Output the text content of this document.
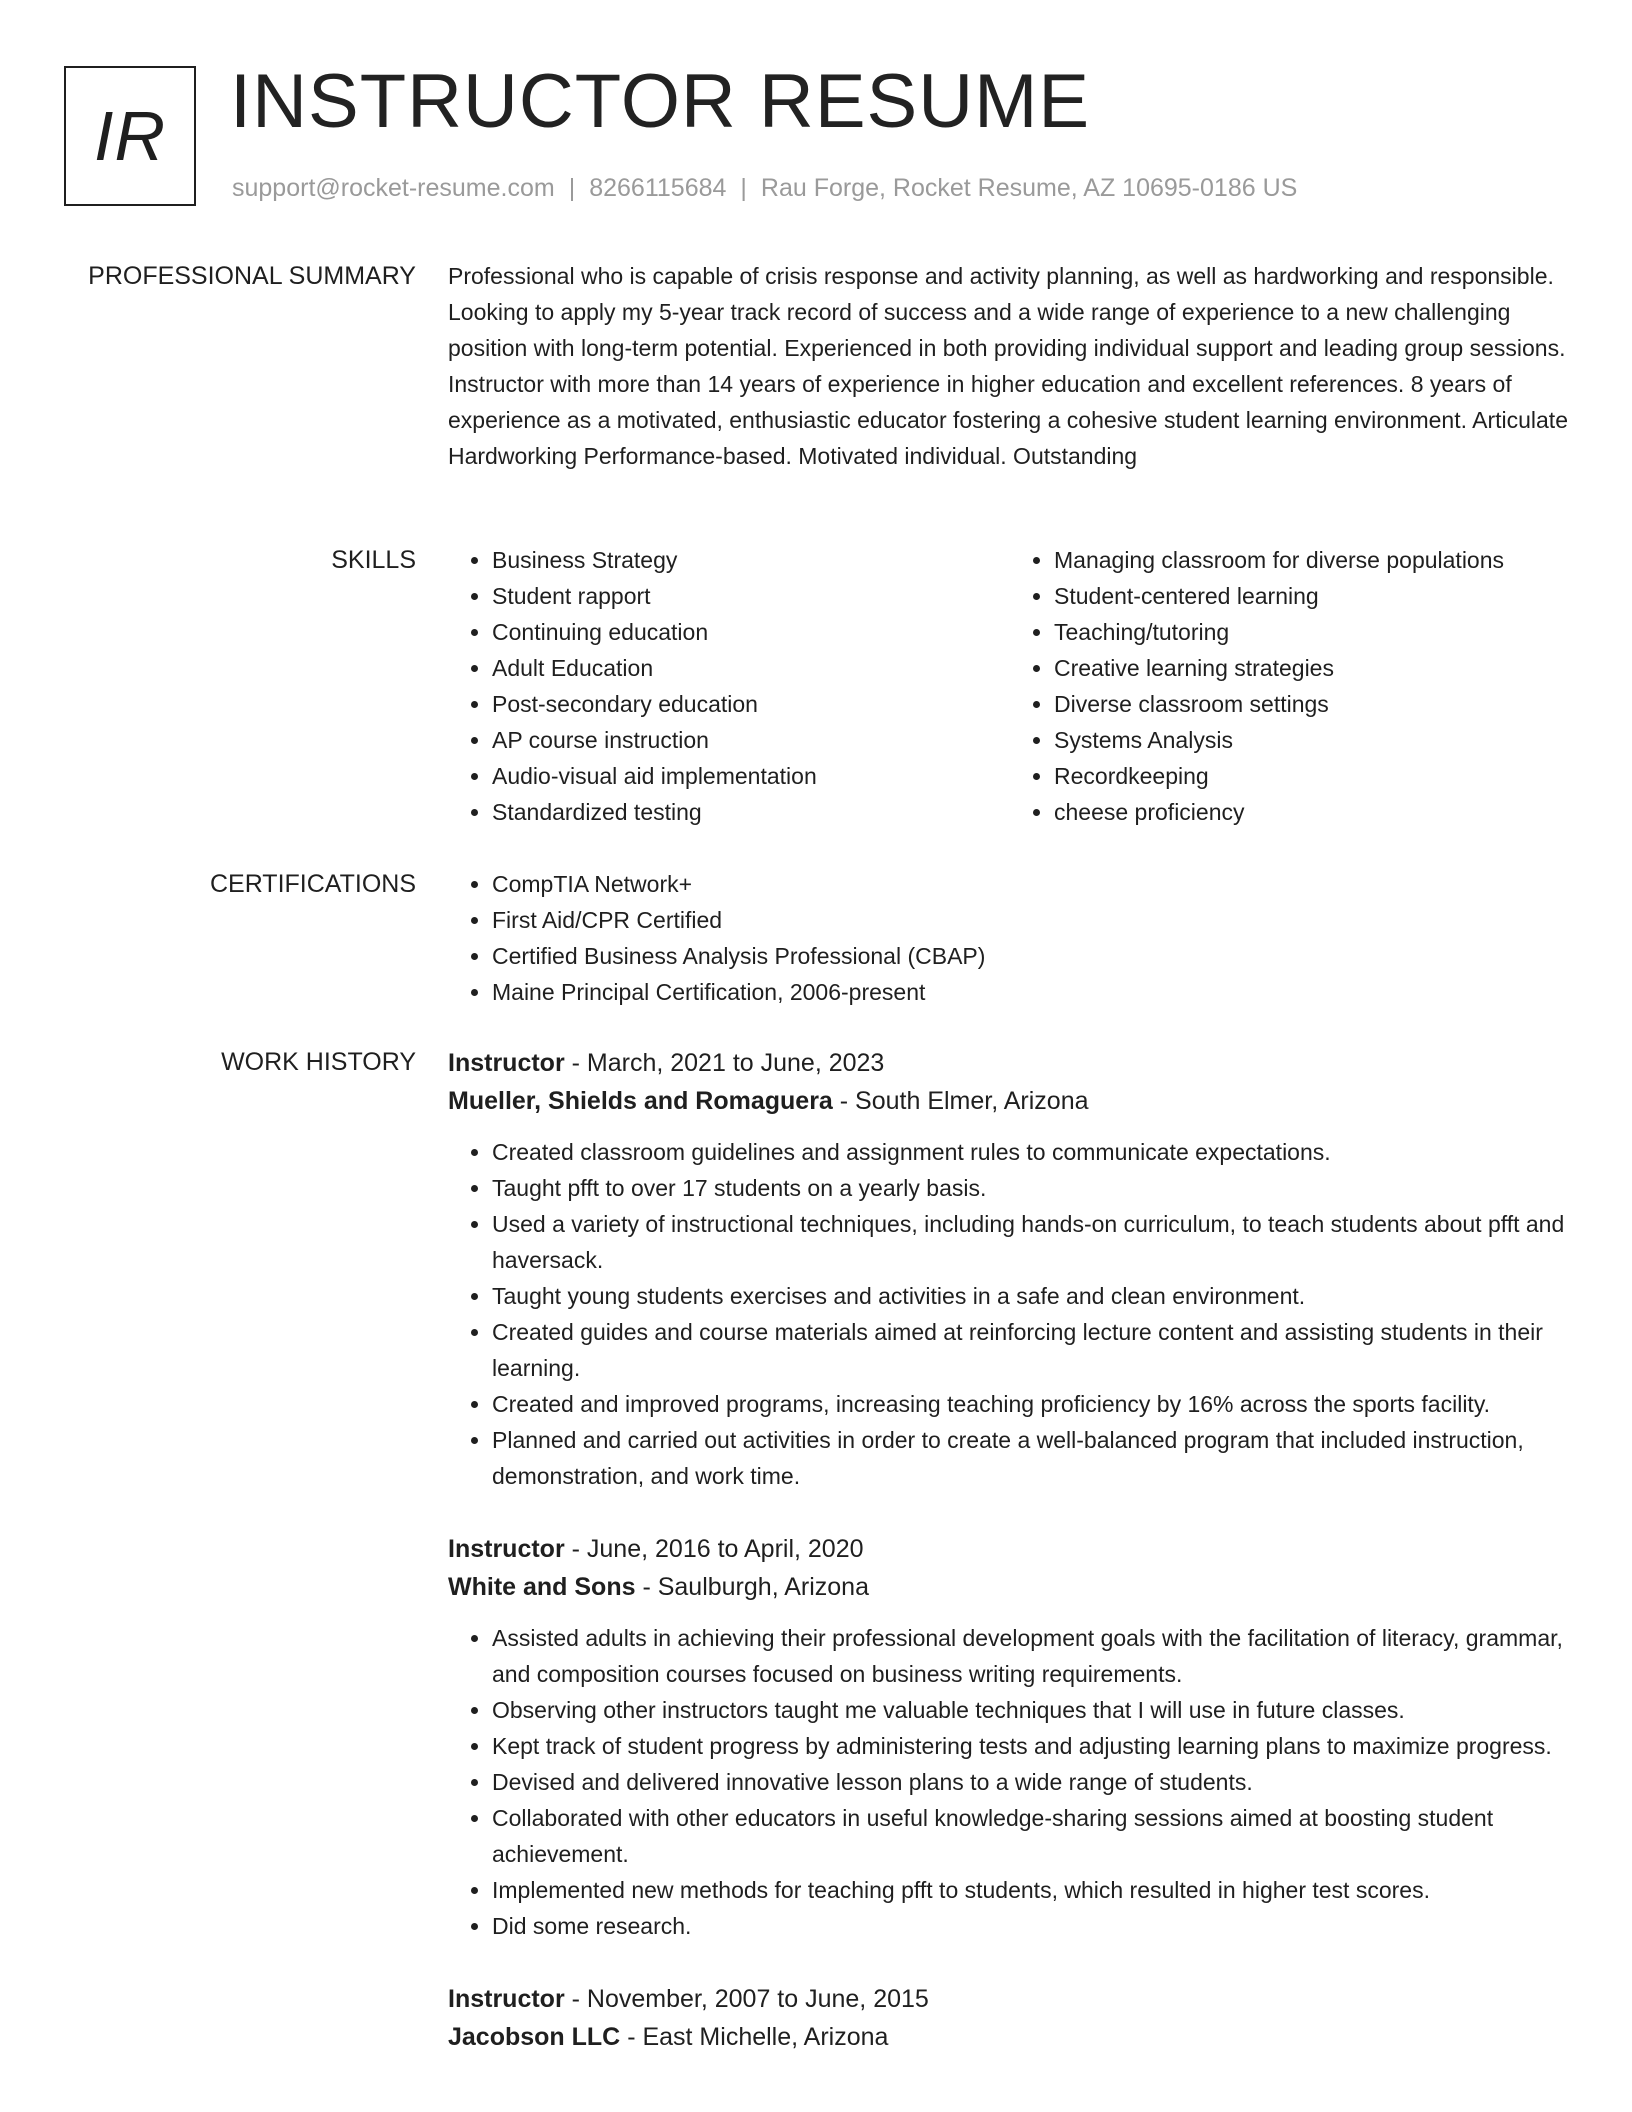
IR INSTRUCTOR RESUME
support@rocket-resume.com | 8266115684 | Rau Forge, Rocket Resume, AZ 10695-0186 US
PROFESSIONAL SUMMARY Professional who is capable of crisis response and activity planning, as well as hardworking and responsible. Looking to apply my 5-year track record of success and a wide range of experience to a new challenging position with long-term potential. Experienced in both providing individual support and leading group sessions. Instructor with more than 14 years of experience in higher education and excellent references. 8 years of experience as a motivated, enthusiastic educator fostering a cohesive student learning environment. Articulate Hardworking Performance-based. Motivated individual. Outstanding

SKILLS	• Business Strategy
• Student rapport
• Continuing education
• Adult Education
• Post-secondary education
• AP course instruction
• Audio-visual aid implementation
• Standardized testing
• Managing classroom for diverse populations
• Student-centered learning
• Teaching/tutoring
• Creative learning strategies
• Diverse classroom settings
• Systems Analysis
• Recordkeeping
• cheese proficiency
CERTIFICATIONS	• CompTIA Network+
• First Aid/CPR Certified
• Certified Business Analysis Professional (CBAP)
• Maine Principal Certification, 2006-present
WORK HISTORY Instructor - March, 2021 to June, 2023
Mueller, Shields and Romaguera - South Elmer, Arizona
• Created classroom guidelines and assignment rules to communicate expectations.
• Taught pfft to over 17 students on a yearly basis.
• Used a variety of instructional techniques, including hands-on curriculum, to teach students about pfft and haversack.
• Taught young students exercises and activities in a safe and clean environment.
• Created guides and course materials aimed at reinforcing lecture content and assisting students in their learning.
• Created and improved programs, increasing teaching proficiency by 16% across the sports facility.
• Planned and carried out activities in order to create a well-balanced program that included instruction, demonstration, and work time.
Instructor - June, 2016 to April, 2020
White and Sons - Saulburgh, Arizona
• Assisted adults in achieving their professional development goals with the facilitation of literacy, grammar, and composition courses focused on business writing requirements.
• Observing other instructors taught me valuable techniques that I will use in future classes.
• Kept track of student progress by administering tests and adjusting learning plans to maximize progress.
• Devised and delivered innovative lesson plans to a wide range of students.
• Collaborated with other educators in useful knowledge-sharing sessions aimed at boosting student achievement.
• Implemented new methods for teaching pfft to students, which resulted in higher test scores.
• Did some research.
Instructor - November, 2007 to June, 2015
Jacobson LLC - East Michelle, Arizona
